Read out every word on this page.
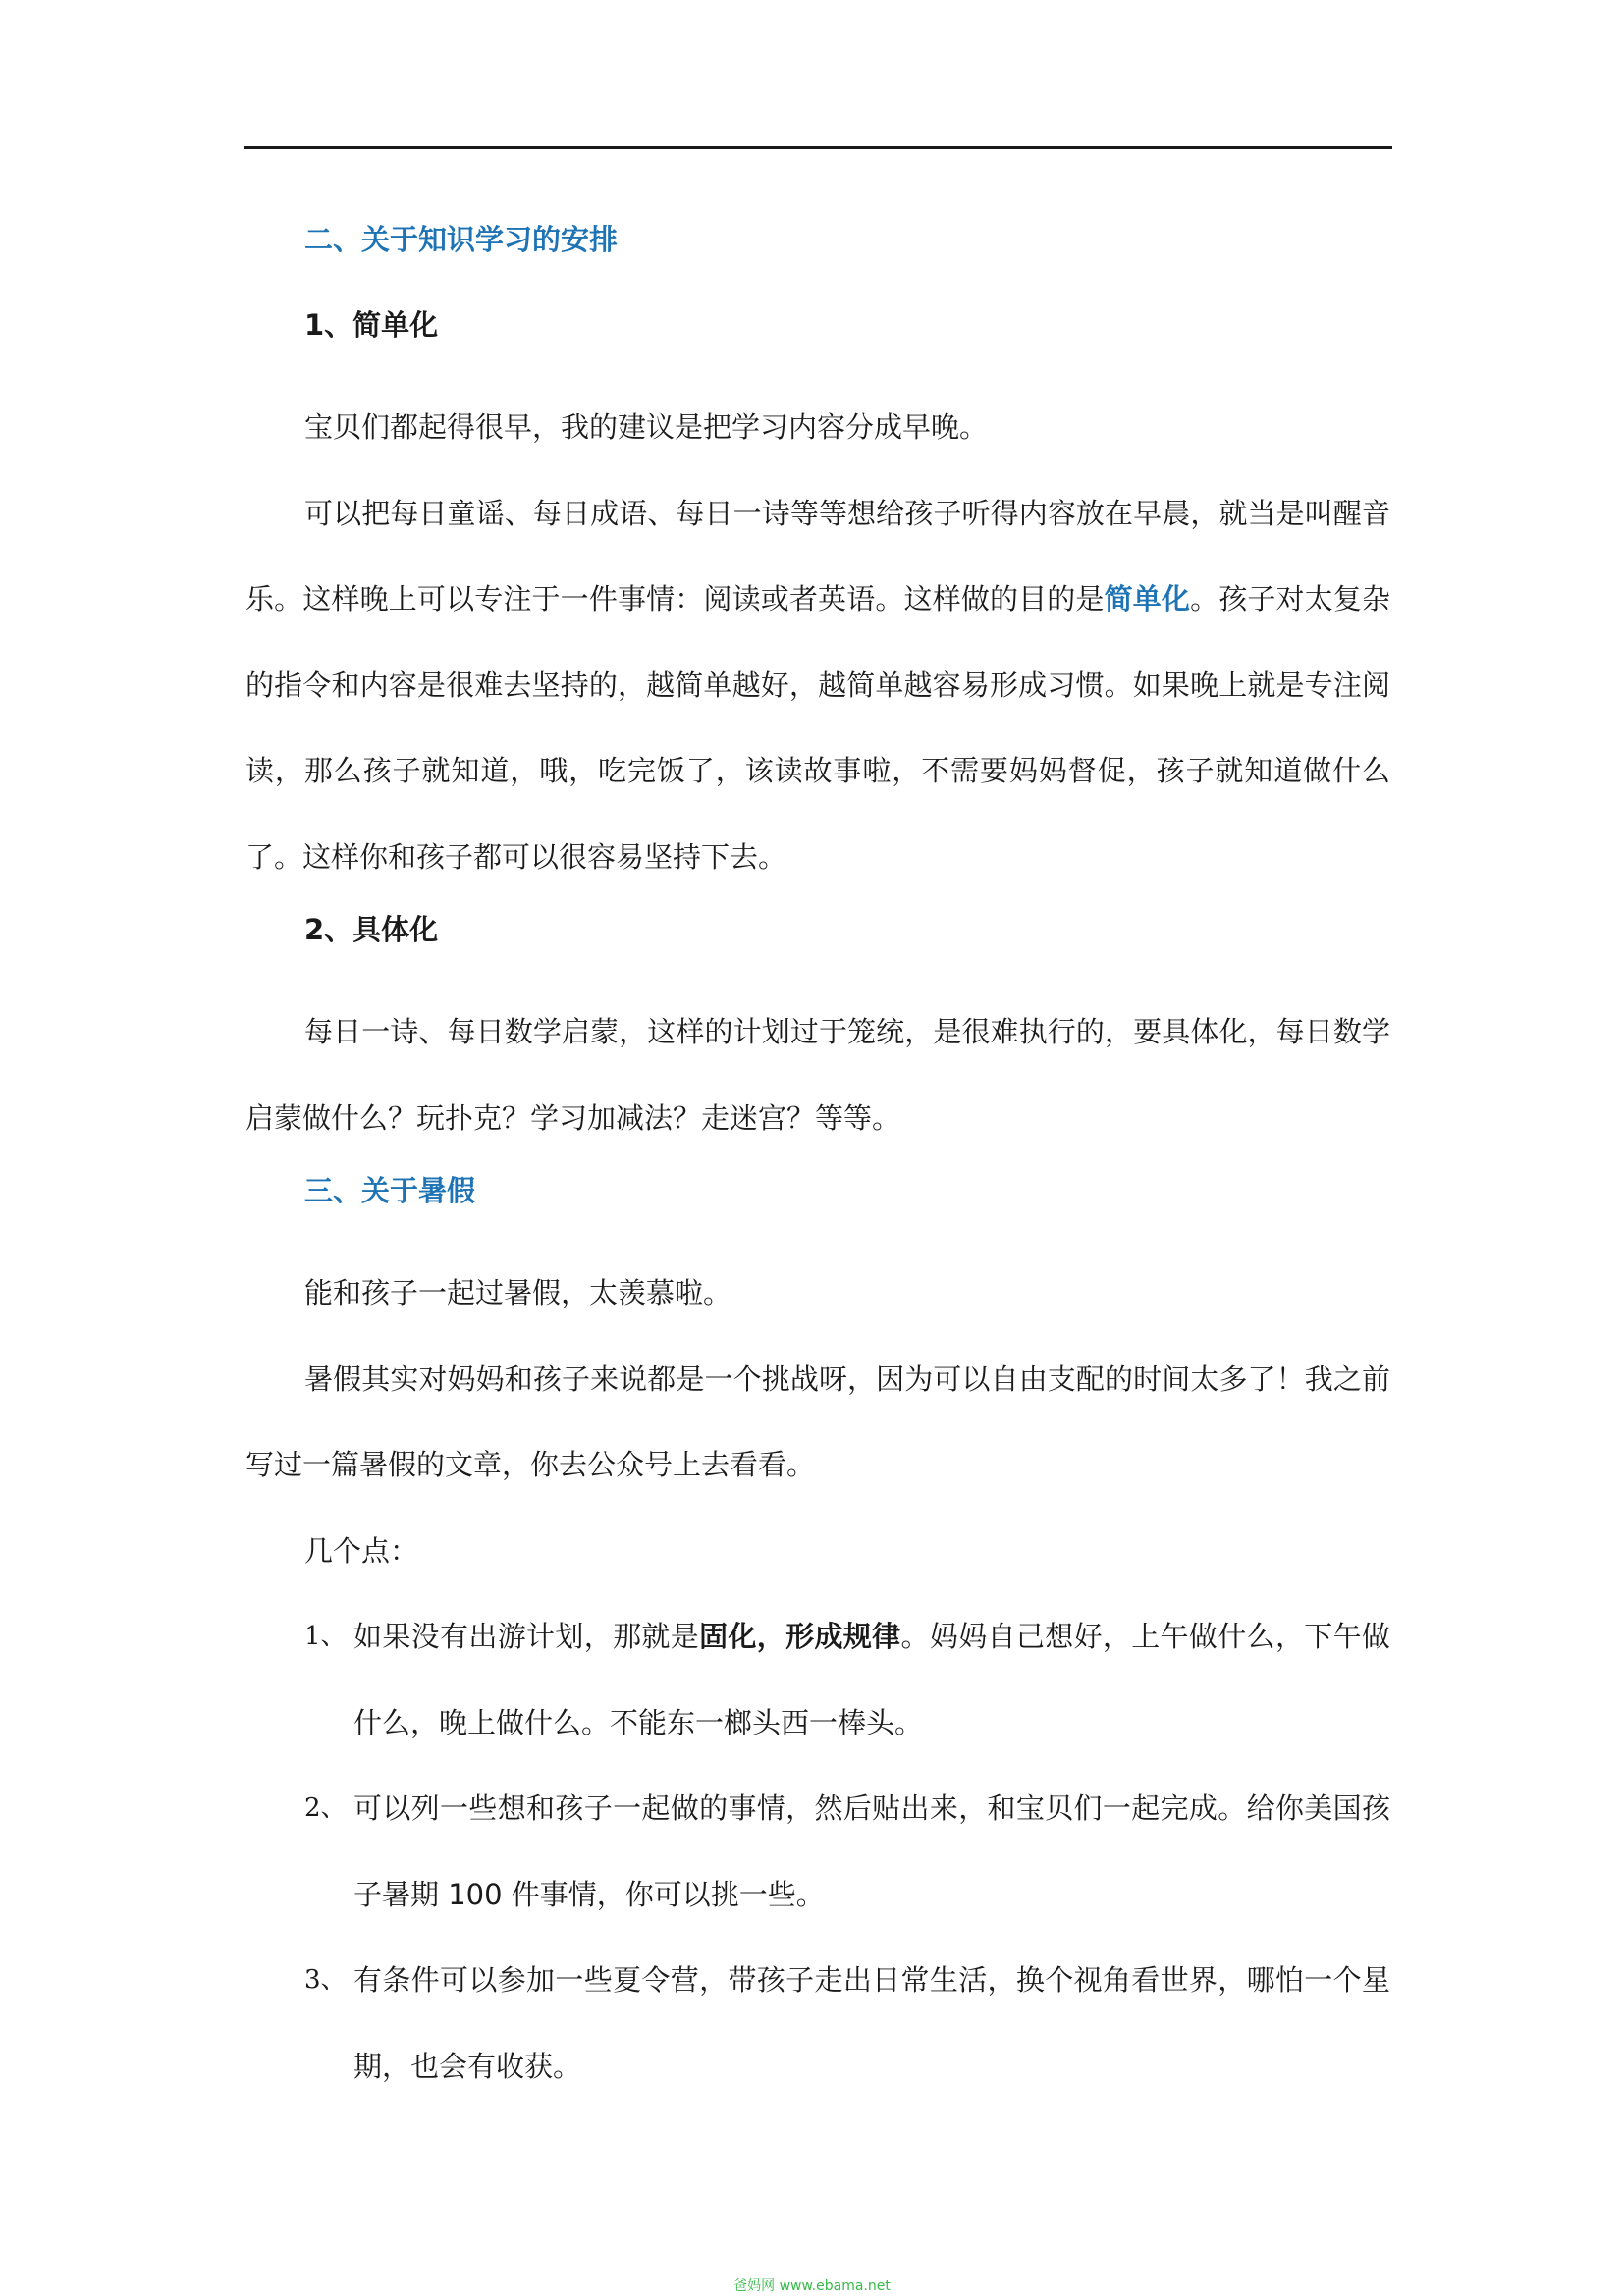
二、关于知识学习的安排
1、简单化

宝贝们都起得很早，我的建议是把学习内容分成早晚。

可以把每日童谣、每日成语、每日一诗等等想给孩子听得内容放在早晨，就当是叫醒音乐。这样晚上可以专注于一件事情：阅读或者英语。这样做的目的是简单化。孩子对太复杂的指令和内容是很难去坚持的，越简单越好，越简单越容易形成习惯。如果晚上就是专注阅读，那么孩子就知道，哦，吃完饭了，该读故事啦，不需要妈妈督促，孩子就知道做什么了。这样你和孩子都可以很容易坚持下去。

2、具体化

每日一诗、每日数学启蒙，这样的计划过于笼统，是很难执行的，要具体化，每日数学启蒙做什么？玩扑克？学习加减法？走迷宫？等等。

三、关于暑假

能和孩子一起过暑假，太羡慕啦。

暑假其实对妈妈和孩子来说都是一个挑战呀，因为可以自由支配的时间太多了！我之前写过一篇暑假的文章，你去公众号上去看看。

几个点：

1、 如果没有出游计划，那就是固化，形成规律。妈妈自己想好，上午做什么，下午做什么，晚上做什么。不能东一榔头西一棒头。
2、 可以列一些想和孩子一起做的事情，然后贴出来，和宝贝们一起完成。给你美国孩子暑期 100 件事情，你可以挑一些。
3、 有条件可以参加一些夏令营，带孩子走出日常生活，换个视角看世界，哪怕一个星期，也会有收获。
爸妈网 www.ebama.net
